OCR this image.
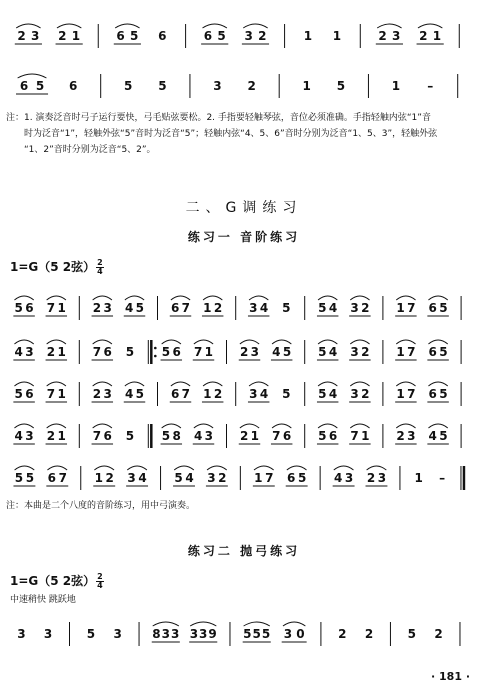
2 3 2 1	6 5 6	6 5 3 2	1 1	2 3 2 1
6 5 6	5 5	3 2	1 5	1 –
注：1. 演奏泛音时弓子运行要快，弓毛贴弦要松。2. 手指要轻触琴弦，音位必须准确。手指轻触内弦“1”音
时为泛音“1”，轻触外弦“5”音时为泛音“5”；轻触内弦“4、5、6”音时分别为泛音“1、5、3”，轻触外弦
“1、2”音时分别为泛音“5、2”。
二、G调练习
练习一 音阶练习
1=G（5 2弦） $\frac{2}{4}$
5 6 7 1 2 3 4 5 6 7 1 2 3 4 5 5 4 3 2 1 7 6 5
4 3 2 1 7 6 5 5 6 7 1 2 3 4 5 5 4 3 2 1 7 6 5
5 6 7 1 2 3 4 5 6 7 1 2 3 4 5 5 4 3 2 1 7 6 5
4 3 2 1 7 6 5 5 8 4 3 2 1 7 6 5 6 7 1 2 3 4 5
5 5 6 7 1 2 3 4 5 4 3 2 1 7 6 5 4 3 2 3 1 –
注：本曲是二个八度的音阶练习，用中弓演奏。
练习二 抛弓练习
1=G（5 2弦） $\frac{2}{4}$
中速稍快 跳跃地
3 3	5 3	8 3 3 3 3 9 5 5 5 3 0	2 2	5 2
· 181 ·
